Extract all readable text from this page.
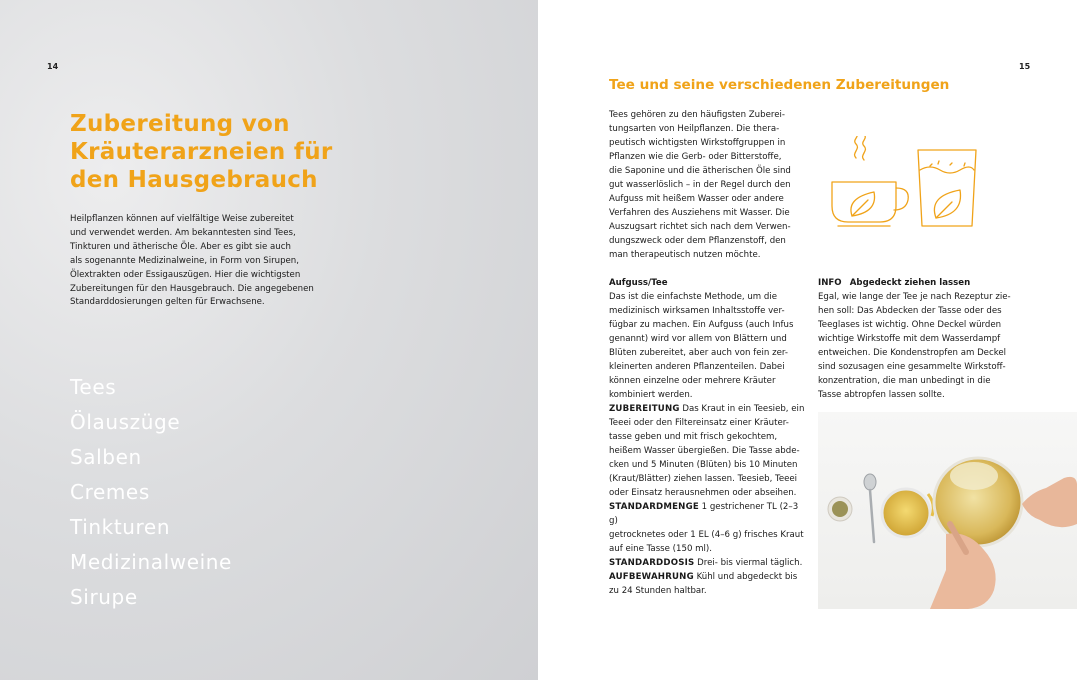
14
Zubereitung von
Kräuterarzneien für
den Hausgebrauch
Heilpflanzen können auf vielfältige Weise zubereitet
und verwendet werden. Am bekanntesten sind Tees,
Tinkturen und ätherische Öle. Aber es gibt sie auch
als sogenannte Medizinalweine, in Form von Sirupen,
Ölextrakten oder Essigauszügen. Hier die wichtigsten
Zubereitungen für den Hausgebrauch. Die angegebenen
Standarddosierungen gelten für Erwachsene.
Tees
Ölauszüge
Salben
Cremes
Tinkturen
Medizinalweine
Sirupe
15
Tee und seine verschiedenen Zubereitungen
Tees gehören zu den häufigsten Zuberei-
tungsarten von Heilpflanzen. Die thera-
peutisch wichtigsten Wirkstoffgruppen in
Pflanzen wie die Gerb- oder Bitterstoffe,
die Saponine und die ätherischen Öle sind
gut wasserlöslich – in der Regel durch den
Aufguss mit heißem Wasser oder andere
Verfahren des Ausziehens mit Wasser. Die
Auszugsart richtet sich nach dem Verwen-
dungszweck oder dem Pflanzenstoff, den
man therapeutisch nutzen möchte.
Aufguss/Tee
Das ist die einfachste Methode, um die
medizinisch wirksamen Inhaltsstoffe ver-
fügbar zu machen. Ein Aufguss (auch Infus
genannt) wird vor allem von Blättern und
Blüten zubereitet, aber auch von fein zer-
kleinerten anderen Pflanzenteilen. Dabei
können einzelne oder mehrere Kräuter
kombiniert werden.
ZUBEREITUNG Das Kraut in ein Teesieb, ein
Teeei oder den Filtereinsatz einer Kräuter-
tasse geben und mit frisch gekochtem,
heißem Wasser übergießen. Die Tasse abde-
cken und 5 Minuten (Blüten) bis 10 Minuten
(Kraut/Blätter) ziehen lassen. Teesieb, Teeei
oder Einsatz herausnehmen oder abseihen.
STANDARDMENGE 1 gestrichener TL (2–3 g)
getrocknetes oder 1 EL (4–6 g) frisches Kraut
auf eine Tasse (150 ml).
STANDARDDOSIS Drei- bis viermal täglich.
AUFBEWAHRUNG Kühl und abgedeckt bis
zu 24 Stunden haltbar.
INFO Abgedeckt ziehen lassen
Egal, wie lange der Tee je nach Rezeptur zie-
hen soll: Das Abdecken der Tasse oder des
Teeglases ist wichtig. Ohne Deckel würden
wichtige Wirkstoffe mit dem Wasserdampf
entweichen. Die Kondenstropfen am Deckel
sind sozusagen eine gesammelte Wirkstoff-
konzentration, die man unbedingt in die
Tasse abtropfen lassen sollte.
